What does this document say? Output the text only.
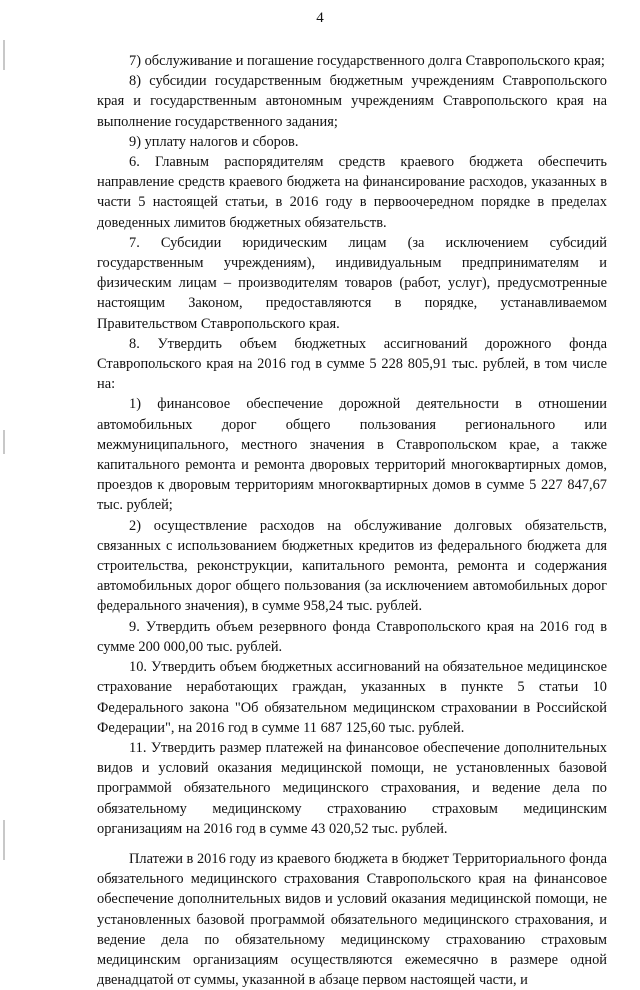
4

7) обслуживание и погашение государственного долга Ставропольского края;

8) субсидии государственным бюджетным учреждениям Ставропольского края и государственным автономным учреждениям Ставропольского края на выполнение государственного задания;

9) уплату налогов и сборов.

6. Главным распорядителям средств краевого бюджета обеспечить направление средств краевого бюджета на финансирование расходов, указанных в части 5 настоящей статьи, в 2016 году в первоочередном порядке в пределах доведенных лимитов бюджетных обязательств.

7. Субсидии юридическим лицам (за исключением субсидий государственным учреждениям), индивидуальным предпринимателям и физическим лицам – производителям товаров (работ, услуг), предусмотренные настоящим Законом, предоставляются в порядке, устанавливаемом Правительством Ставропольского края.

8. Утвердить объем бюджетных ассигнований дорожного фонда Ставропольского края на 2016 год в сумме 5 228 805,91 тыс. рублей, в том числе на:

1) финансовое обеспечение дорожной деятельности в отношении автомобильных дорог общего пользования регионального или межмуниципального, местного значения в Ставропольском крае, а также капитального ремонта и ремонта дворовых территорий многоквартирных домов, проездов к дворовым территориям многоквартирных домов в сумме 5 227 847,67 тыс. рублей;

2) осуществление расходов на обслуживание долговых обязательств, связанных с использованием бюджетных кредитов из федерального бюджета для строительства, реконструкции, капитального ремонта, ремонта и содержания автомобильных дорог общего пользования (за исключением автомобильных дорог федерального значения), в сумме 958,24 тыс. рублей.

9. Утвердить объем резервного фонда Ставропольского края на 2016 год в сумме 200 000,00 тыс. рублей.

10. Утвердить объем бюджетных ассигнований на обязательное медицинское страхование неработающих граждан, указанных в пункте 5 статьи 10 Федерального закона "Об обязательном медицинском страховании в Российской Федерации", на 2016 год в сумме 11 687 125,60 тыс. рублей.

11. Утвердить размер платежей на финансовое обеспечение дополнительных видов и условий оказания медицинской помощи, не установленных базовой программой обязательного медицинского страхования, и ведение дела по обязательному медицинскому страхованию страховым медицинским организациям на 2016 год в сумме 43 020,52 тыс. рублей.

Платежи в 2016 году из краевого бюджета в бюджет Территориального фонда обязательного медицинского страхования Ставропольского края на финансовое обеспечение дополнительных видов и условий оказания медицинской помощи, не установленных базовой программой обязательного медицинского страхования, и ведение дела по обязательному медицинскому страхованию страховым медицинским организациям осуществляются ежемесячно в размере одной двенадцатой от суммы, указанной в абзаце первом настоящей части, и
